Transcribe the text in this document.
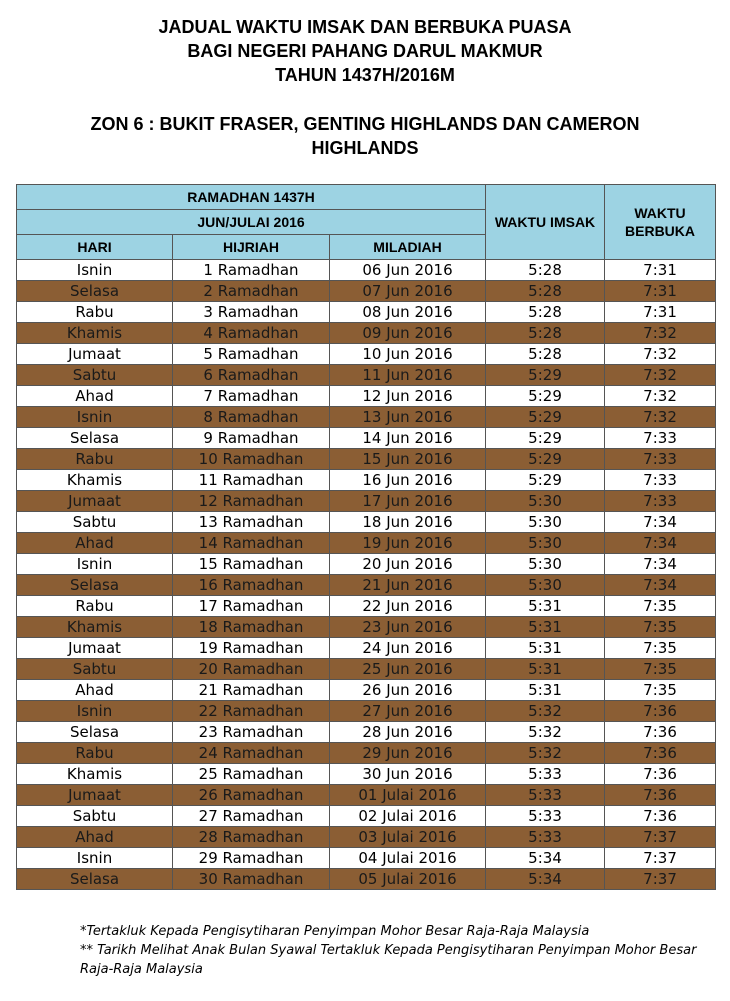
JADUAL WAKTU IMSAK DAN BERBUKA PUASA
BAGI NEGERI PAHANG DARUL MAKMUR
TAHUN 1437H/2016M
ZON 6 : BUKIT FRASER, GENTING HIGHLANDS DAN CAMERON HIGHLANDS
RAMADHAN 1437H			WAKTU IMSAK	WAKTU BERBUKA
JUN/JULAI 2016				
HARI	HIJRIAH	MILADIAH		
Isnin	1 Ramadhan	06 Jun 2016	5:28	7:31
Selasa	2 Ramadhan	07 Jun 2016	5:28	7:31
Rabu	3 Ramadhan	08 Jun 2016	5:28	7:31
Khamis	4 Ramadhan	09 Jun 2016	5:28	7:32
Jumaat	5 Ramadhan	10 Jun 2016	5:28	7:32
Sabtu	6 Ramadhan	11 Jun 2016	5:29	7:32
Ahad	7 Ramadhan	12 Jun 2016	5:29	7:32
Isnin	8 Ramadhan	13 Jun 2016	5:29	7:32
Selasa	9 Ramadhan	14 Jun 2016	5:29	7:33
Rabu	10 Ramadhan	15 Jun 2016	5:29	7:33
Khamis	11 Ramadhan	16 Jun 2016	5:29	7:33
Jumaat	12 Ramadhan	17 Jun 2016	5:30	7:33
Sabtu	13 Ramadhan	18 Jun 2016	5:30	7:34
Ahad	14 Ramadhan	19 Jun 2016	5:30	7:34
Isnin	15 Ramadhan	20 Jun 2016	5:30	7:34
Selasa	16 Ramadhan	21 Jun 2016	5:30	7:34
Rabu	17 Ramadhan	22 Jun 2016	5:31	7:35
Khamis	18 Ramadhan	23 Jun 2016	5:31	7:35
Jumaat	19 Ramadhan	24 Jun 2016	5:31	7:35
Sabtu	20 Ramadhan	25 Jun 2016	5:31	7:35
Ahad	21 Ramadhan	26 Jun 2016	5:31	7:35
Isnin	22 Ramadhan	27 Jun 2016	5:32	7:36
Selasa	23 Ramadhan	28 Jun 2016	5:32	7:36
Rabu	24 Ramadhan	29 Jun 2016	5:32	7:36
Khamis	25 Ramadhan	30 Jun 2016	5:33	7:36
Jumaat	26 Ramadhan	01 Julai 2016	5:33	7:36
Sabtu	27 Ramadhan	02 Julai 2016	5:33	7:36
Ahad	28 Ramadhan	03 Julai 2016	5:33	7:37
Isnin	29 Ramadhan	04 Julai 2016	5:34	7:37
Selasa	30 Ramadhan	05 Julai 2016	5:34	7:37
*Tertakluk Kepada Pengisytiharan Penyimpan Mohor Besar Raja-Raja Malaysia
** Tarikh Melihat Anak Bulan Syawal Tertakluk Kepada Pengisytiharan Penyimpan Mohor Besar Raja-Raja Malaysia
